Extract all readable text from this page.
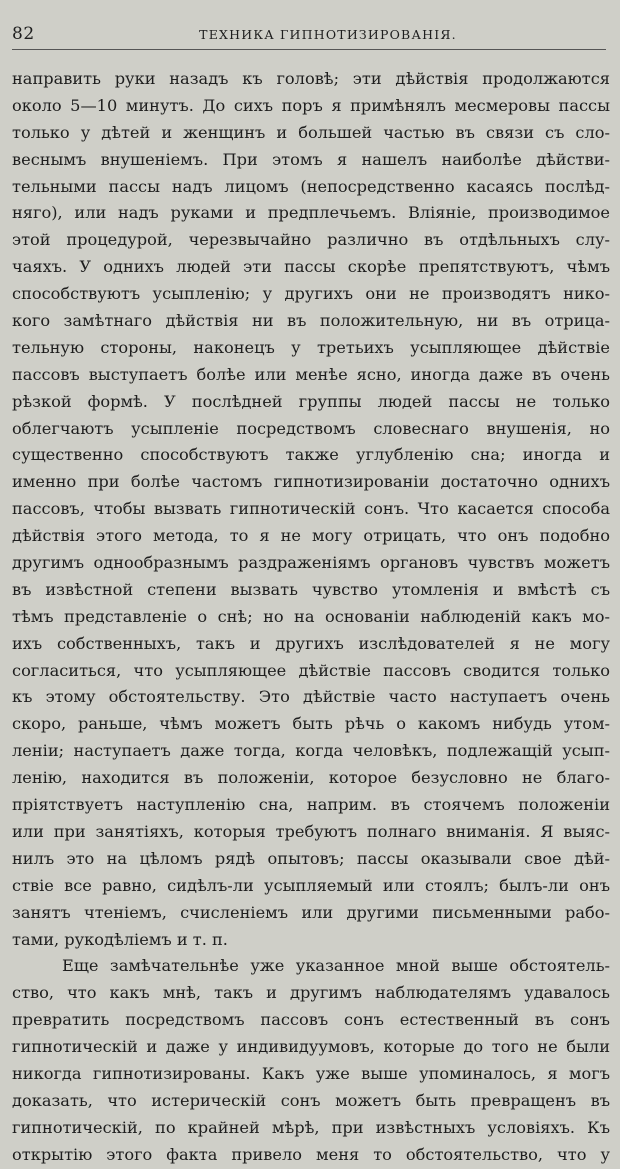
82	ТЕХНИКА ГИПНОТИЗИРОВАНІЯ.
направить руки назадъ къ головѣ; эти дѣйствія продолжаются
около 5—10 минутъ. До сихъ поръ я примѣнялъ месмеровы пассы
только у дѣтей и женщинъ и большей частью въ связи съ сло-
веснымъ внушеніемъ. При этомъ я нашелъ наиболѣе дѣйстви-
тельными пассы надъ лицомъ (непосредственно касаясь послѣд-
няго), или надъ руками и предплечьемъ. Вліяніе, производимое
этой процедурой, черезвычайно различно въ отдѣльныхъ слу-
чаяхъ. У однихъ людей эти пассы скорѣе препятствуютъ, чѣмъ
способствуютъ усыпленію; у другихъ они не производятъ нико-
кого замѣтнаго дѣйствія ни въ положительную, ни въ отрица-
тельную стороны, наконецъ у третьихъ усыпляющее дѣйствіе
пассовъ выступаетъ болѣе или менѣе ясно, иногда даже въ очень
рѣзкой формѣ. У послѣдней группы людей пассы не только
облегчаютъ усыпленіе посредствомъ словеснаго внушенія, но
существенно способствуютъ также углубленію сна; иногда и
именно при болѣе частомъ гипнотизированіи достаточно однихъ
пассовъ, чтобы вызвать гипнотическій сонъ. Что касается способа
дѣйствія этого метода, то я не могу отрицать, что онъ подобно
другимъ однообразнымъ раздраженіямъ органовъ чувствъ можетъ
въ извѣстной степени вызвать чувство утомленія и вмѣстѣ съ
тѣмъ представленіе о снѣ; но на основаніи наблюденій какъ мо-
ихъ собственныхъ, такъ и другихъ изслѣдователей я не могу
согласиться, что усыпляющее дѣйствіе пассовъ сводится только
къ этому обстоятельству. Это дѣйствіе часто наступаетъ очень
скоро, раньше, чѣмъ можетъ быть рѣчь о какомъ нибудь утом-
леніи; наступаетъ даже тогда, когда человѣкъ, подлежащій усып-
ленію, находится въ положеніи, которое безусловно не благо-
пріятствуетъ наступленію сна, наприм. въ стоячемъ положеніи
или при занятіяхъ, которыя требуютъ полнаго вниманія. Я выяс-
нилъ это на цѣломъ рядѣ опытовъ; пассы оказывали свое дѣй-
ствіе все равно, сидѣлъ-ли усыпляемый или стоялъ; былъ-ли онъ
занятъ чтеніемъ, счисленіемъ или другими письменными рабо-
тами, рукодѣліемъ и т. п.
Еще замѣчательнѣе уже указанное мной выше обстоятель-
ство, что какъ мнѣ, такъ и другимъ наблюдателямъ удавалось
превратить посредствомъ пассовъ сонъ естественный въ сонъ
гипнотическій и даже у индивидуумовъ, которые до того не были
никогда гипнотизированы. Какъ уже выше упоминалось, я могъ
доказать, что истерическій сонъ можетъ быть превращенъ въ
гипнотическій, по крайней мѣрѣ, при извѣстныхъ условіяхъ. Къ
открытію этого факта привело меня то обстоятельство, что у
